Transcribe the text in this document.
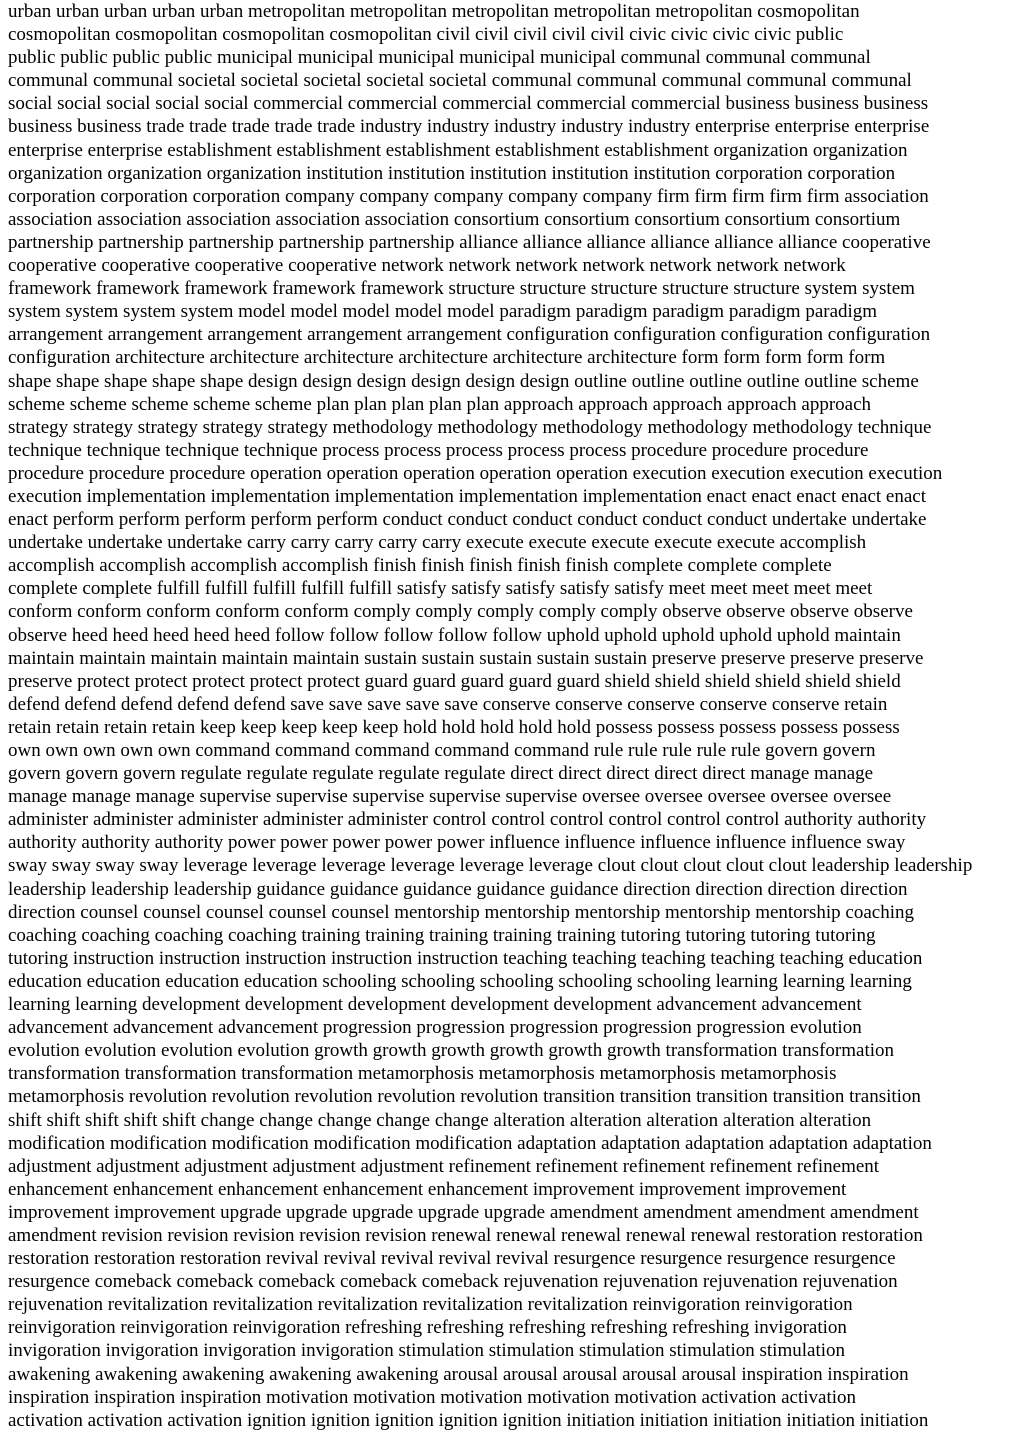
urban urban urban urban urban metropolitan metropolitan metropolitan metropolitan metropolitan cosmopolitan
cosmopolitan cosmopolitan cosmopolitan cosmopolitan civil civil civil civil civil civic civic civic civic public
public public public public municipal municipal municipal municipal municipal communal communal communal
communal communal societal societal societal societal societal communal communal communal communal communal
social social social social social commercial commercial commercial commercial commercial business business business
business business trade trade trade trade trade industry industry industry industry industry enterprise enterprise enterprise
enterprise enterprise establishment establishment establishment establishment establishment organization organization
organization organization organization institution institution institution institution institution corporation corporation
corporation corporation corporation company company company company company firm firm firm firm firm association
association association association association association consortium consortium consortium consortium consortium
partnership partnership partnership partnership partnership alliance alliance alliance alliance alliance alliance cooperative
cooperative cooperative cooperative cooperative network network network network network network network
framework framework framework framework framework structure structure structure structure structure system system
system system system system model model model model model paradigm paradigm paradigm paradigm paradigm
arrangement arrangement arrangement arrangement arrangement configuration configuration configuration configuration
configuration architecture architecture architecture architecture architecture architecture form form form form form
shape shape shape shape shape design design design design design design outline outline outline outline outline scheme
scheme scheme scheme scheme scheme plan plan plan plan plan approach approach approach approach approach
strategy strategy strategy strategy strategy methodology methodology methodology methodology methodology technique
technique technique technique technique process process process process process procedure procedure procedure
procedure procedure procedure operation operation operation operation operation execution execution execution execution
execution implementation implementation implementation implementation implementation enact enact enact enact enact
enact perform perform perform perform perform conduct conduct conduct conduct conduct conduct undertake undertake
undertake undertake undertake carry carry carry carry carry execute execute execute execute execute accomplish
accomplish accomplish accomplish accomplish finish finish finish finish finish complete complete complete
complete complete fulfill fulfill fulfill fulfill fulfill satisfy satisfy satisfy satisfy satisfy meet meet meet meet meet
conform conform conform conform conform comply comply comply comply comply observe observe observe observe
observe heed heed heed heed heed follow follow follow follow follow uphold uphold uphold uphold uphold maintain
maintain maintain maintain maintain maintain sustain sustain sustain sustain sustain preserve preserve preserve preserve
preserve protect protect protect protect protect guard guard guard guard guard shield shield shield shield shield shield
defend defend defend defend defend save save save save save conserve conserve conserve conserve conserve retain
retain retain retain retain keep keep keep keep keep hold hold hold hold hold possess possess possess possess possess
own own own own own command command command command command rule rule rule rule rule govern govern
govern govern govern regulate regulate regulate regulate regulate direct direct direct direct direct manage manage
manage manage manage supervise supervise supervise supervise supervise oversee oversee oversee oversee oversee
administer administer administer administer administer control control control control control control authority authority
authority authority authority power power power power power influence influence influence influence influence sway
sway sway sway sway leverage leverage leverage leverage leverage leverage clout clout clout clout clout leadership leadership
leadership leadership leadership guidance guidance guidance guidance guidance direction direction direction direction
direction counsel counsel counsel counsel counsel mentorship mentorship mentorship mentorship mentorship coaching
coaching coaching coaching coaching training training training training training tutoring tutoring tutoring tutoring
tutoring instruction instruction instruction instruction instruction teaching teaching teaching teaching teaching education
education education education education schooling schooling schooling schooling schooling learning learning learning
learning learning development development development development development advancement advancement
advancement advancement advancement progression progression progression progression progression evolution
evolution evolution evolution evolution growth growth growth growth growth growth transformation transformation
transformation transformation transformation metamorphosis metamorphosis metamorphosis metamorphosis
metamorphosis revolution revolution revolution revolution revolution transition transition transition transition transition
shift shift shift shift shift change change change change change alteration alteration alteration alteration alteration
modification modification modification modification modification adaptation adaptation adaptation adaptation adaptation
adjustment adjustment adjustment adjustment adjustment refinement refinement refinement refinement refinement
enhancement enhancement enhancement enhancement enhancement improvement improvement improvement
improvement improvement upgrade upgrade upgrade upgrade upgrade amendment amendment amendment amendment
amendment revision revision revision revision revision renewal renewal renewal renewal renewal restoration restoration
restoration restoration restoration revival revival revival revival revival resurgence resurgence resurgence resurgence
resurgence comeback comeback comeback comeback comeback rejuvenation rejuvenation rejuvenation rejuvenation
rejuvenation revitalization revitalization revitalization revitalization revitalization reinvigoration reinvigoration
reinvigoration reinvigoration reinvigoration refreshing refreshing refreshing refreshing refreshing invigoration
invigoration invigoration invigoration invigoration stimulation stimulation stimulation stimulation stimulation
awakening awakening awakening awakening awakening arousal arousal arousal arousal arousal inspiration inspiration
inspiration inspiration inspiration motivation motivation motivation motivation motivation activation activation
activation activation activation ignition ignition ignition ignition ignition initiation initiation initiation initiation initiation
